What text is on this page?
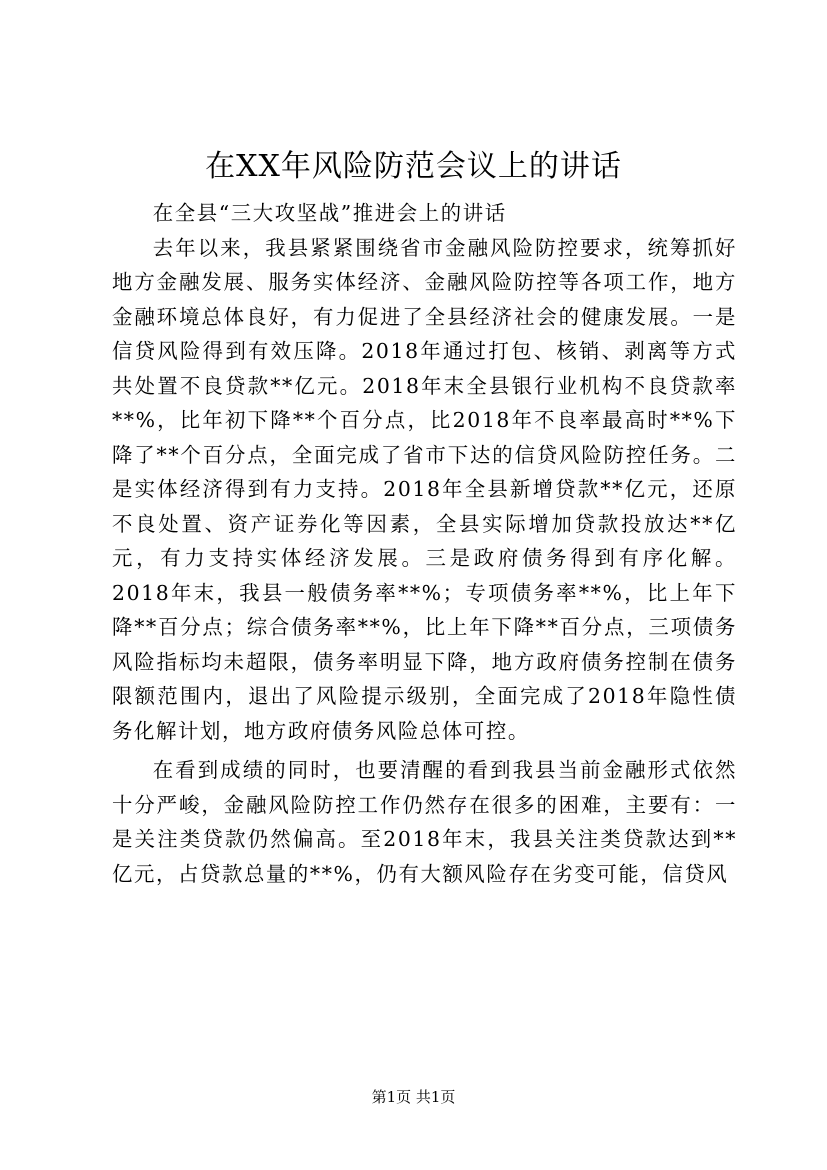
在XX年风险防范会议上的讲话

在全县“三大攻坚战”推进会上的讲话

去年以来，我县紧紧围绕省市金融风险防控要求，统筹抓好地方金融发展、服务实体经济、金融风险防控等各项工作，地方金融环境总体良好，有力促进了全县经济社会的健康发展。一是信贷风险得到有效压降。2018年通过打包、核销、剥离等方式共处置不良贷款**亿元。2018年末全县银行业机构不良贷款率**%，比年初下降**个百分点，比2018年不良率最高时**%下降了**个百分点，全面完成了省市下达的信贷风险防控任务。二是实体经济得到有力支持。2018年全县新增贷款**亿元，还原不良处置、资产证券化等因素，全县实际增加贷款投放达**亿元，有力支持实体经济发展。三是政府债务得到有序化解。2018年末，我县一般债务率**%；专项债务率**%，比上年下降**百分点；综合债务率**%，比上年下降**百分点，三项债务风险指标均未超限，债务率明显下降，地方政府债务控制在债务限额范围内，退出了风险提示级别，全面完成了2018年隐性债务化解计划，地方政府债务风险总体可控。

在看到成绩的同时，也要清醒的看到我县当前金融形式依然十分严峻，金融风险防控工作仍然存在很多的困难，主要有：一是关注类贷款仍然偏高。至2018年末，我县关注类贷款达到**亿元，占贷款总量的**%，仍有大额风险存在劣变可能，信贷风

第1页 共1页
